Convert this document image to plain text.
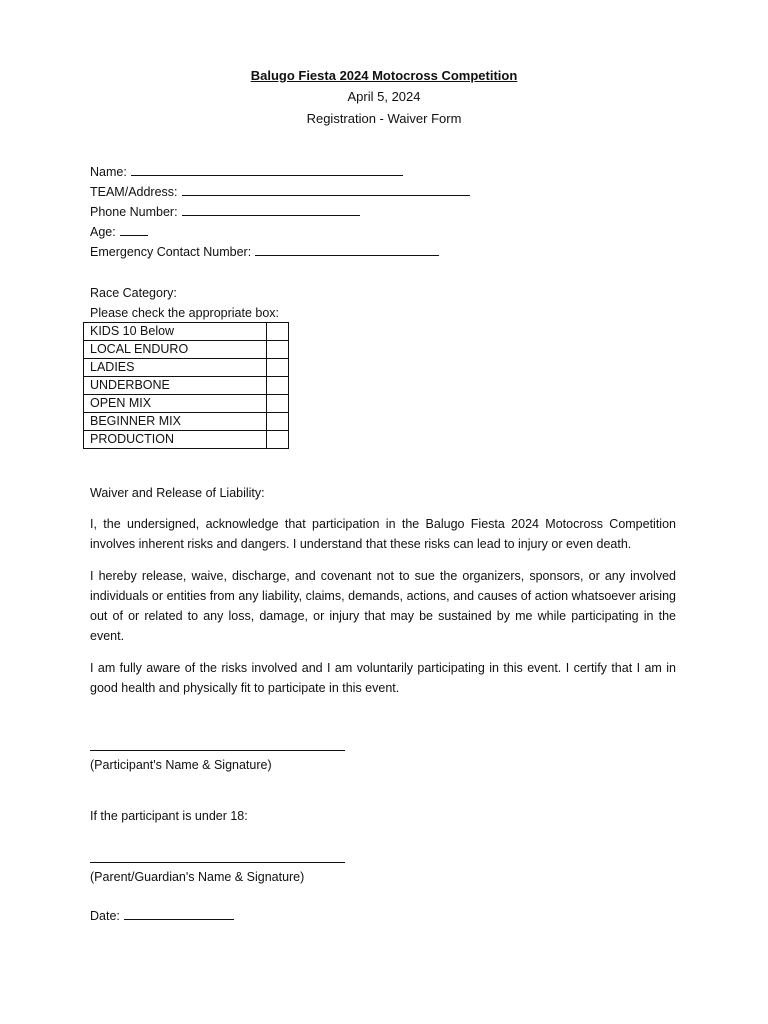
Balugo Fiesta 2024 Motocross Competition
April 5, 2024
Registration - Waiver Form
Name:
TEAM/Address:
Phone Number:
Age:
Emergency Contact Number:
Race Category:
Please check the appropriate box:
KIDS 10 Below	
LOCAL ENDURO	
LADIES	
UNDERBONE	
OPEN MIX	
BEGINNER MIX	
PRODUCTION	
Waiver and Release of Liability:

I, the undersigned, acknowledge that participation in the Balugo Fiesta 2024 Motocross Competition involves inherent risks and dangers. I understand that these risks can lead to injury or even death.

I hereby release, waive, discharge, and covenant not to sue the organizers, sponsors, or any involved individuals or entities from any liability, claims, demands, actions, and causes of action whatsoever arising out of or related to any loss, damage, or injury that may be sustained by me while participating in the event.

I am fully aware of the risks involved and I am voluntarily participating in this event. I certify that I am in good health and physically fit to participate in this event.

(Participant's Name & Signature)
If the participant is under 18:
(Parent/Guardian's Name & Signature)
Date:
